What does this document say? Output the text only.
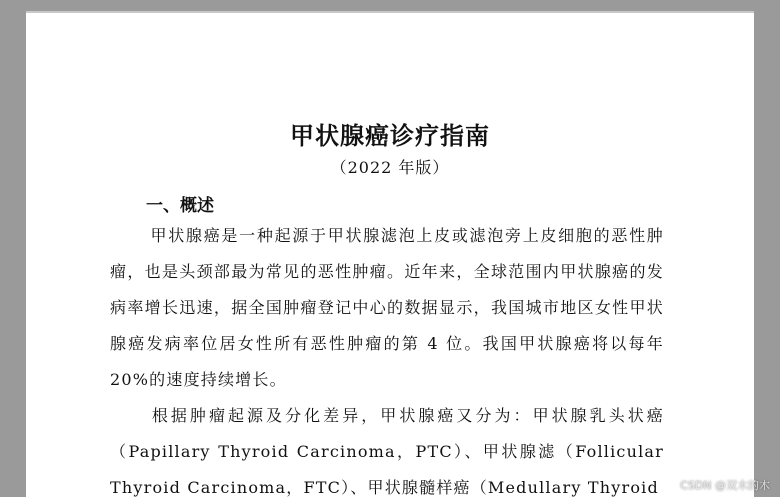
甲状腺癌诊疗指南
（2022 年版）
一、概述
甲状腺癌是一种起源于甲状腺滤泡上皮或滤泡旁上皮细胞的恶性肿瘤，也是头颈部最为常见的恶性肿瘤。近年来，全球范围内甲状腺癌的发病率增长迅速，据全国肿瘤登记中心的数据显示，我国城市地区女性甲状腺癌发病率位居女性所有恶性肿瘤的第 4 位。我国甲状腺癌将以每年 20%的速度持续增长。
根据肿瘤起源及分化差异，甲状腺癌又分为：甲状腺乳头状癌（Papillary Thyroid Carcinoma，PTC）、甲状腺滤（Follicular Thyroid Carcinoma，FTC）、甲状腺髓样癌（Medullary Thyroid	CSDN @双木的木
